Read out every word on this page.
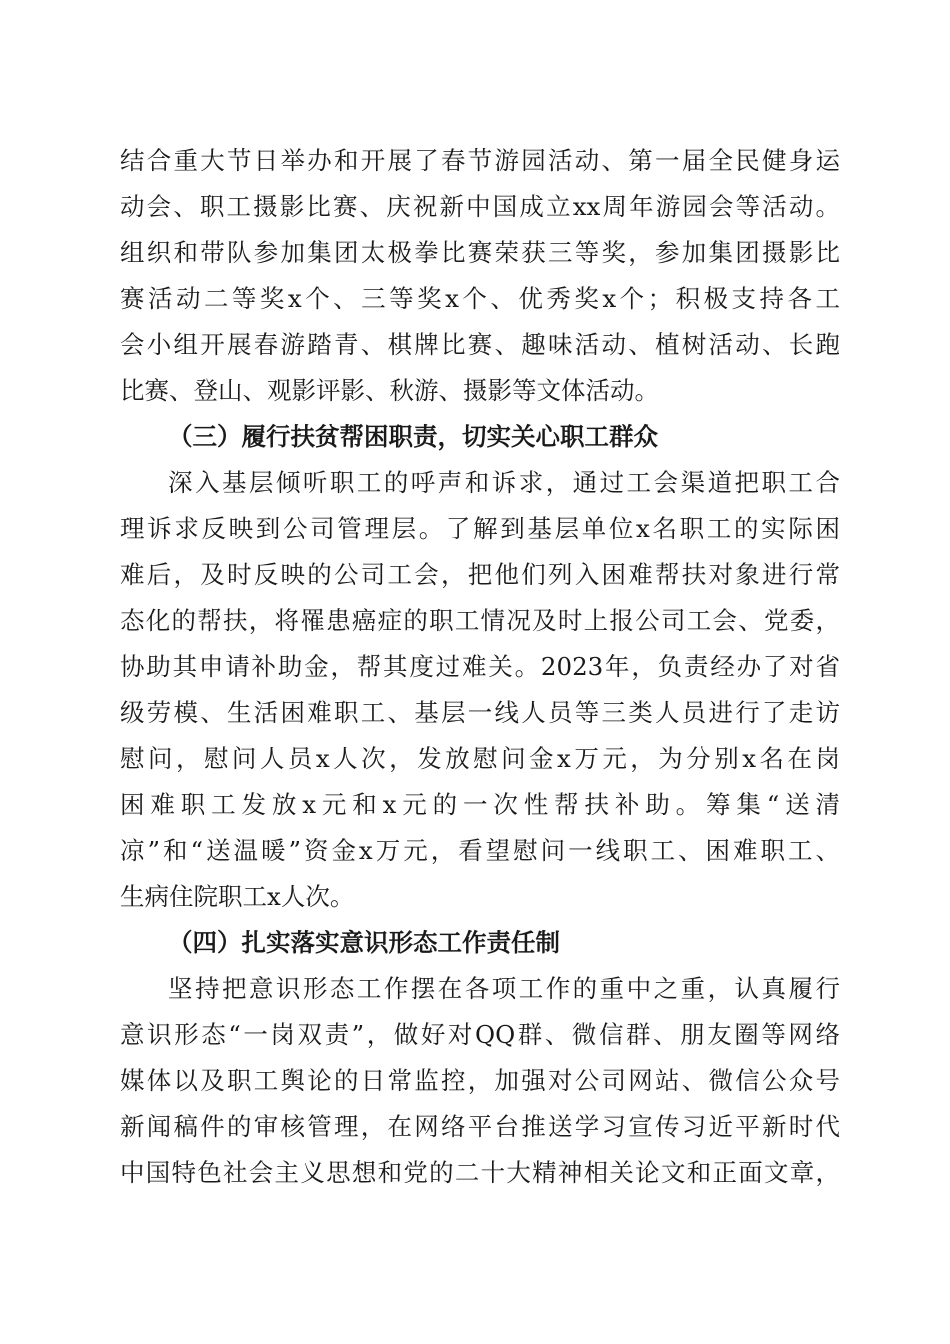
结合重大节日举办和开展了春节游园活动、第一届全民健身运
动会、职工摄影比赛、庆祝新中国成立xx周年游园会等活动。
组织和带队参加集团太极拳比赛荣获三等奖，参加集团摄影比
赛活动二等奖x个、三等奖x个、优秀奖x个；积极支持各工
会小组开展春游踏青、棋牌比赛、趣味活动、植树活动、长跑
比赛、登山、观影评影、秋游、摄影等文体活动。
（三）履行扶贫帮困职责，切实关心职工群众
深入基层倾听职工的呼声和诉求，通过工会渠道把职工合
理诉求反映到公司管理层。了解到基层单位x名职工的实际困
难后，及时反映的公司工会，把他们列入困难帮扶对象进行常
态化的帮扶，将罹患癌症的职工情况及时上报公司工会、党委，
协助其申请补助金，帮其度过难关。2023年，负责经办了对省
级劳模、生活困难职工、基层一线人员等三类人员进行了走访
慰问，慰问人员x人次，发放慰问金x万元，为分别x名在岗
困难职工发放x元和x元的一次性帮扶补助。筹集“送清
凉”和“送温暖”资金x万元，看望慰问一线职工、困难职工、
生病住院职工x人次。
（四）扎实落实意识形态工作责任制
坚持把意识形态工作摆在各项工作的重中之重，认真履行
意识形态“一岗双责”，做好对QQ群、微信群、朋友圈等网络
媒体以及职工舆论的日常监控，加强对公司网站、微信公众号
新闻稿件的审核管理，在网络平台推送学习宣传习近平新时代
中国特色社会主义思想和党的二十大精神相关论文和正面文章，
